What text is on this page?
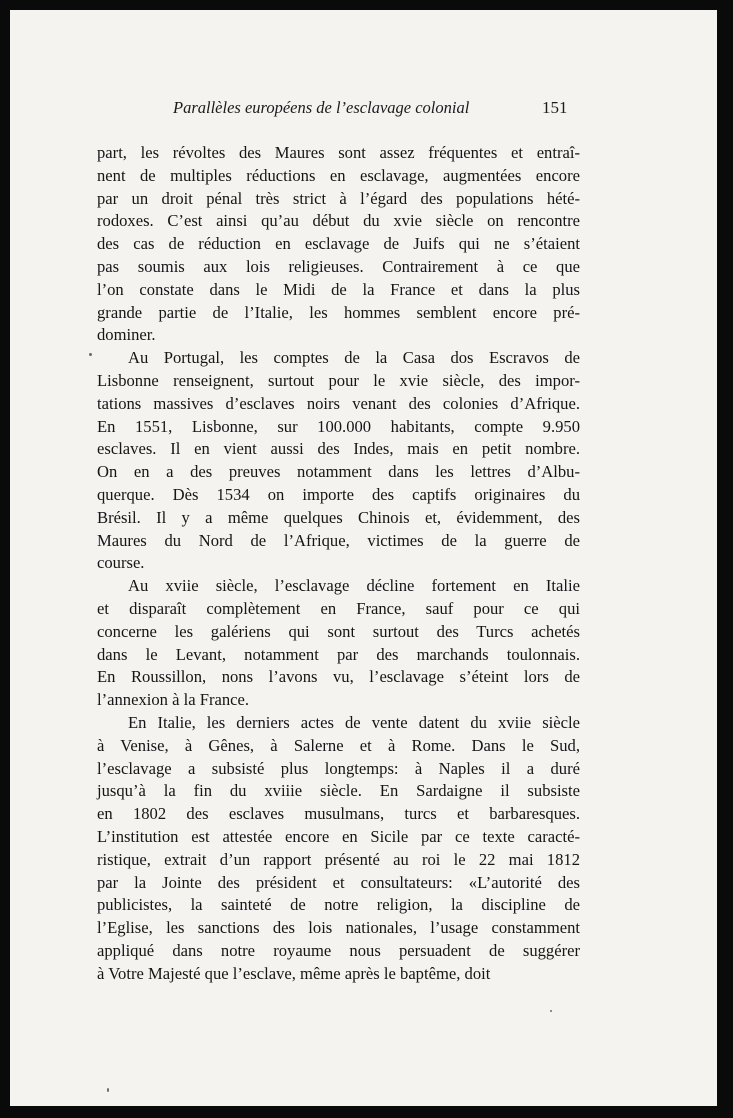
Parallèles européens de l’esclavage colonial	151
part, les révoltes des Maures sont assez fréquentes et entraî-
nent de multiples réductions en esclavage, augmentées encore
par un droit pénal très strict à l’égard des populations hété-
rodoxes. C’est ainsi qu’au début du xvie siècle on rencontre
des cas de réduction en esclavage de Juifs qui ne s’étaient
pas soumis aux lois religieuses. Contrairement à ce que
l’on constate dans le Midi de la France et dans la plus
grande partie de l’Italie, les hommes semblent encore pré-
dominer.
Au Portugal, les comptes de la Casa dos Escravos de
Lisbonne renseignent, surtout pour le xvie siècle, des impor-
tations massives d’esclaves noirs venant des colonies d’Afrique.
En 1551, Lisbonne, sur 100.000 habitants, compte 9.950
esclaves. Il en vient aussi des Indes, mais en petit nombre.
On en a des preuves notamment dans les lettres d’Albu-
querque. Dès 1534 on importe des captifs originaires du
Brésil. Il y a même quelques Chinois et, évidemment, des
Maures du Nord de l’Afrique, victimes de la guerre de
course.
Au xviie siècle, l’esclavage décline fortement en Italie
et disparaît complètement en France, sauf pour ce qui
concerne les galériens qui sont surtout des Turcs achetés
dans le Levant, notamment par des marchands toulonnais.
En Roussillon, nons l’avons vu, l’esclavage s’éteint lors de
l’annexion à la France.
En Italie, les derniers actes de vente datent du xviie siècle
à Venise, à Gênes, à Salerne et à Rome. Dans le Sud,
l’esclavage a subsisté plus longtemps: à Naples il a duré
jusqu’à la fin du xviiie siècle. En Sardaigne il subsiste
en 1802 des esclaves musulmans, turcs et barbaresques.
L’institution est attestée encore en Sicile par ce texte caracté-
ristique, extrait d’un rapport présenté au roi le 22 mai 1812
par la Jointe des président et consultateurs: «L’autorité des
publicistes, la sainteté de notre religion, la discipline de
l’Eglise, les sanctions des lois nationales, l’usage constamment
appliqué dans notre royaume nous persuadent de suggérer
à Votre Majesté que l’esclave, même après le baptême, doit
